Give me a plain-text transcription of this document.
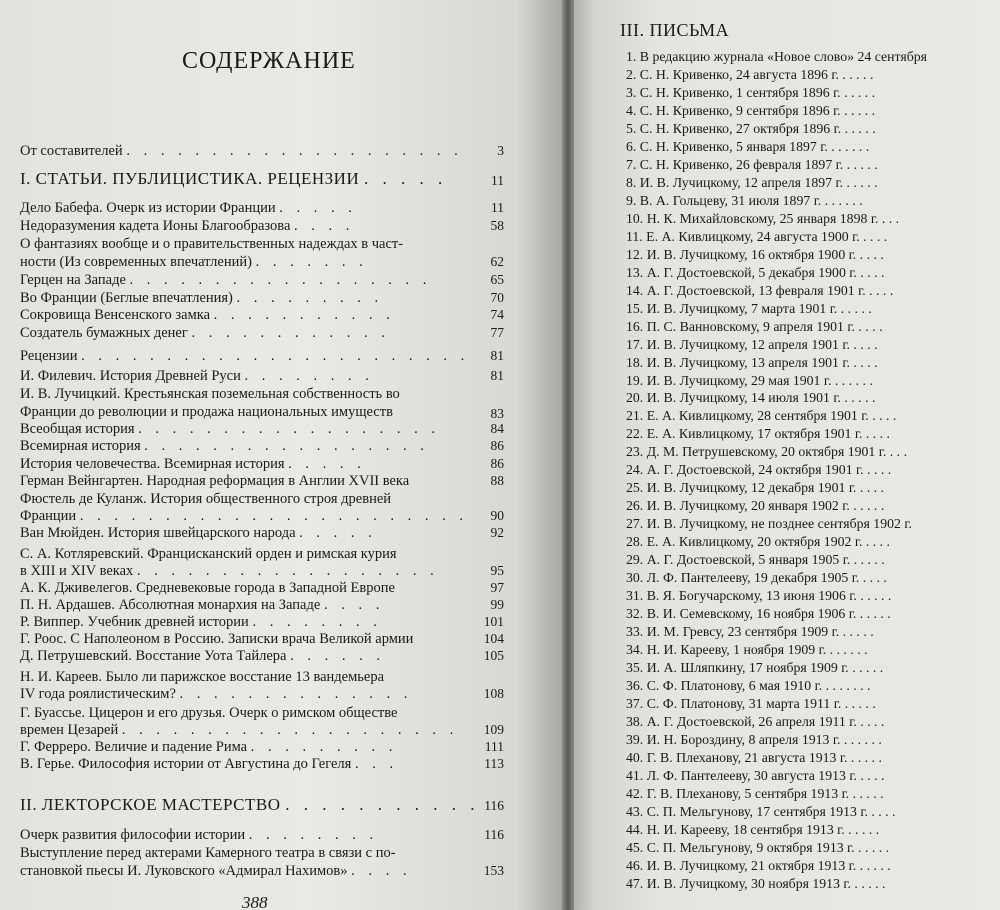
СОДЕРЖАНИЕ
От составителей . . . . . . . . . . . . . . . . . . . .	3
I. СТАТЬИ. ПУБЛИЦИСТИКА. РЕЦЕНЗИИ . . . . .	11
Дело Бабефа. Очерк из истории Франции . . . . .	11
Недоразумения кадета Ионы Благообразова . . . .	58
О фантазиях вообще и о правительственных надеждах в част-
ности (Из современных впечатлений) . . . . . . .	62
Герцен на Западе . . . . . . . . . . . . . . . . . .	65
Во Франции (Беглые впечатления) . . . . . . . . .	70
Сокровища Венсенского замка . . . . . . . . . . .	74
Создатель бумажных денег . . . . . . . . . . . .	77
Рецензии . . . . . . . . . . . . . . . . . . . . . . .	81
И. Филевич. История Древней Руси . . . . . . . .	81
И. В. Лучицкий. Крестьянская поземельная собственность во
Франции до революции и продажа национальных имуществ	83
Всеобщая история . . . . . . . . . . . . . . . . . .	84
Всемирная история . . . . . . . . . . . . . . . . .	86
История человечества. Всемирная история . . . . .	86
Герман Вейнгартен. Народная реформация в Англии XVII века	88
Фюстель де Куланж. История общественного строя древней
Франции . . . . . . . . . . . . . . . . . . . . . . .	90
Ван Мюйден. История швейцарского народа . . . . .	92
С. А. Котляревский. Францисканский орден и римская курия
в XIII и XIV веках . . . . . . . . . . . . . . . . . .	95
А. К. Дживелегов. Средневековые города в Западной Европе	97
П. Н. Ардашев. Абсолютная монархия на Западе . . . .	99
Р. Виппер. Учебник древней истории . . . . . . . .	101
Г. Роос. С Наполеоном в Россию. Записки врача Великой армии	104
Д. Петрушевский. Восстание Уота Тайлера . . . . . .	105
Н. И. Кареев. Было ли парижское восстание 13 вандемьера
IV года роялистическим? . . . . . . . . . . . . . .	108
Г. Буассье. Цицерон и его друзья. Очерк о римском обществе
времен Цезарей . . . . . . . . . . . . . . . . . . . .	109
Г. Ферреро. Величие и падение Рима . . . . . . . . .	111
В. Герье. Философия истории от Августина до Гегеля . . .	113
II. ЛЕКТОРСКОЕ МАСТЕРСТВО . . . . . . . . . . . 116
Очерк развития философии истории . . . . . . . .	116
Выступление перед актерами Камерного театра в связи с по-
становкой пьесы И. Луковского «Адмирал Нахимов» . . . .	153
388
III. ПИСЬМА
1. В редакцию журнала «Новое слово» 24 сентября
2. С. Н. Кривенко, 24 августа 1896 г. . . . . .
3. С. Н. Кривенко, 1 сентября 1896 г. . . . . .
4. С. Н. Кривенко, 9 сентября 1896 г. . . . . .
5. С. Н. Кривенко, 27 октября 1896 г. . . . . .
6. С. Н. Кривенко, 5 января 1897 г. . . . . . .
7. С. Н. Кривенко, 26 февраля 1897 г. . . . . .
8. И. В. Лучицкому, 12 апреля 1897 г. . . . . .
9. В. А. Гольцеву, 31 июля 1897 г. . . . . . .
10. Н. К. Михайловскому, 25 января 1898 г. . . .
11. Е. А. Кивлицкому, 24 августа 1900 г. . . . .
12. И. В. Лучицкому, 16 октября 1900 г. . . . .
13. А. Г. Достоевской, 5 декабря 1900 г. . . . .
14. А. Г. Достоевской, 13 февраля 1901 г. . . . .
15. И. В. Лучицкому, 7 марта 1901 г. . . . . .
16. П. С. Ванновскому, 9 апреля 1901 г. . . . .
17. И. В. Лучицкому, 12 апреля 1901 г. . . . .
18. И. В. Лучицкому, 13 апреля 1901 г. . . . .
19. И. В. Лучицкому, 29 мая 1901 г. . . . . . .
20. И. В. Лучицкому, 14 июля 1901 г. . . . . .
21. Е. А. Кивлицкому, 28 сентября 1901 г. . . . .
22. Е. А. Кивлицкому, 17 октября 1901 г. . . . .
23. Д. М. Петрушевскому, 20 октября 1901 г. . . .
24. А. Г. Достоевской, 24 октября 1901 г. . . . .
25. И. В. Лучицкому, 12 декабря 1901 г. . . . .
26. И. В. Лучицкому, 20 января 1902 г. . . . . .
27. И. В. Лучицкому, не позднее сентября 1902 г.
28. Е. А. Кивлицкому, 20 октября 1902 г. . . . .
29. А. Г. Достоевской, 5 января 1905 г. . . . . .
30. Л. Ф. Пантелееву, 19 декабря 1905 г. . . . .
31. В. Я. Богучарскому, 13 июня 1906 г. . . . . .
32. В. И. Семевскому, 16 ноября 1906 г. . . . . .
33. И. М. Гревсу, 23 сентября 1909 г. . . . . .
34. Н. И. Карееву, 1 ноября 1909 г. . . . . . .
35. И. А. Шляпкину, 17 ноября 1909 г. . . . . .
36. С. Ф. Платонову, 6 мая 1910 г. . . . . . . .
37. С. Ф. Платонову, 31 марта 1911 г. . . . . .
38. А. Г. Достоевской, 26 апреля 1911 г. . . . .
39. И. Н. Бороздину, 8 апреля 1913 г. . . . . . .
40. Г. В. Плеханову, 21 августа 1913 г. . . . . .
41. Л. Ф. Пантелееву, 30 августа 1913 г. . . . .
42. Г. В. Плеханову, 5 сентября 1913 г. . . . . .
43. С. П. Мельгунову, 17 сентября 1913 г. . . . .
44. Н. И. Карееву, 18 сентября 1913 г. . . . . .
45. С. П. Мельгунову, 9 октября 1913 г. . . . . .
46. И. В. Лучицкому, 21 октября 1913 г. . . . . .
47. И. В. Лучицкому, 30 ноября 1913 г. . . . . .
